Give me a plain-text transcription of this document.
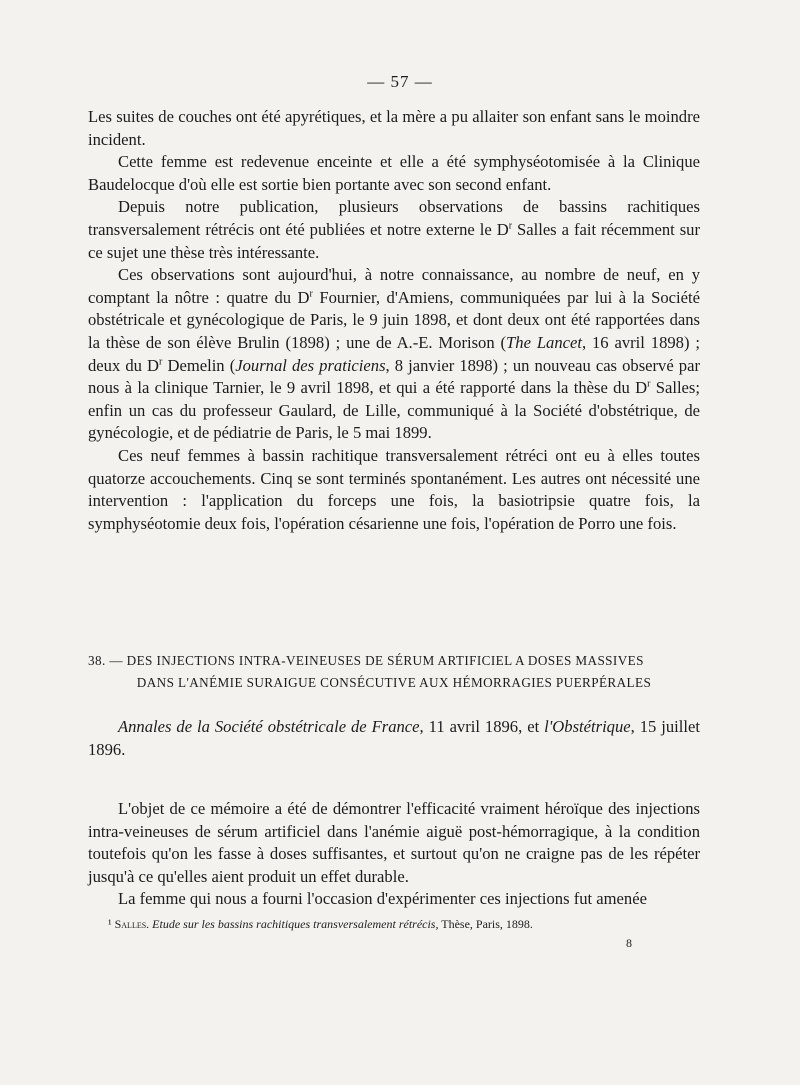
— 57 —

Les suites de couches ont été apyrétiques, et la mère a pu allaiter son enfant sans le moindre incident.

Cette femme est redevenue enceinte et elle a été symphyséotomisée à la Clinique Baudelocque d'où elle est sortie bien portante avec son second enfant.

Depuis notre publication, plusieurs observations de bassins rachitiques transversalement rétrécis ont été publiées et notre externe le $D^r$ Salles a fait récemment sur ce sujet une thèse très intéressante.

Ces observations sont aujourd'hui, à notre connaissance, au nombre de neuf, en y comptant la nôtre : quatre du $D^r$ Fournier, d'Amiens, communiquées par lui à la Société obstétricale et gynécologique de Paris, le 9 juin 1898, et dont deux ont été rapportées dans la thèse de son élève Brulin (1898) ; une de A.-E. Morison (The Lancet, 16 avril 1898) ; deux du $D^r$ Demelin (Journal des praticiens, 8 janvier 1898) ; un nouveau cas observé par nous à la clinique Tarnier, le 9 avril 1898, et qui a été rapporté dans la thèse du $D^r$ Salles; enfin un cas du professeur Gaulard, de Lille, communiqué à la Société d'obstétrique, de gynécologie, et de pédiatrie de Paris, le 5 mai 1899.

Ces neuf femmes à bassin rachitique transversalement rétréci ont eu à elles toutes quatorze accouchements. Cinq se sont terminés spontanément. Les autres ont nécessité une intervention : l'application du forceps une fois, la basiotripsie quatre fois, la symphyséotomie deux fois, l'opération césarienne une fois, l'opération de Porro une fois.

38. — DES INJECTIONS INTRA-VEINEUSES DE SÉRUM ARTIFICIEL A DOSES MASSIVES
DANS L'ANÉMIE SURAIGUE CONSÉCUTIVE AUX HÉMORRAGIES PUERPÉRALES

Annales de la Société obstétricale de France, 11 avril 1896, et l'Obstétrique, 15 juillet 1896.

L'objet de ce mémoire a été de démontrer l'efficacité vraiment héroïque des injections intra-veineuses de sérum artificiel dans l'anémie aiguë post-hémorragique, à la condition toutefois qu'on les fasse à doses suffisantes, et surtout qu'on ne craigne pas de les répéter jusqu'à ce qu'elles aient produit un effet durable.

La femme qui nous a fourni l'occasion d'expérimenter ces injections fut amenée

¹ Salles. Etude sur les bassins rachitiques transversalement rétrécis, Thèse, Paris, 1898.
8
